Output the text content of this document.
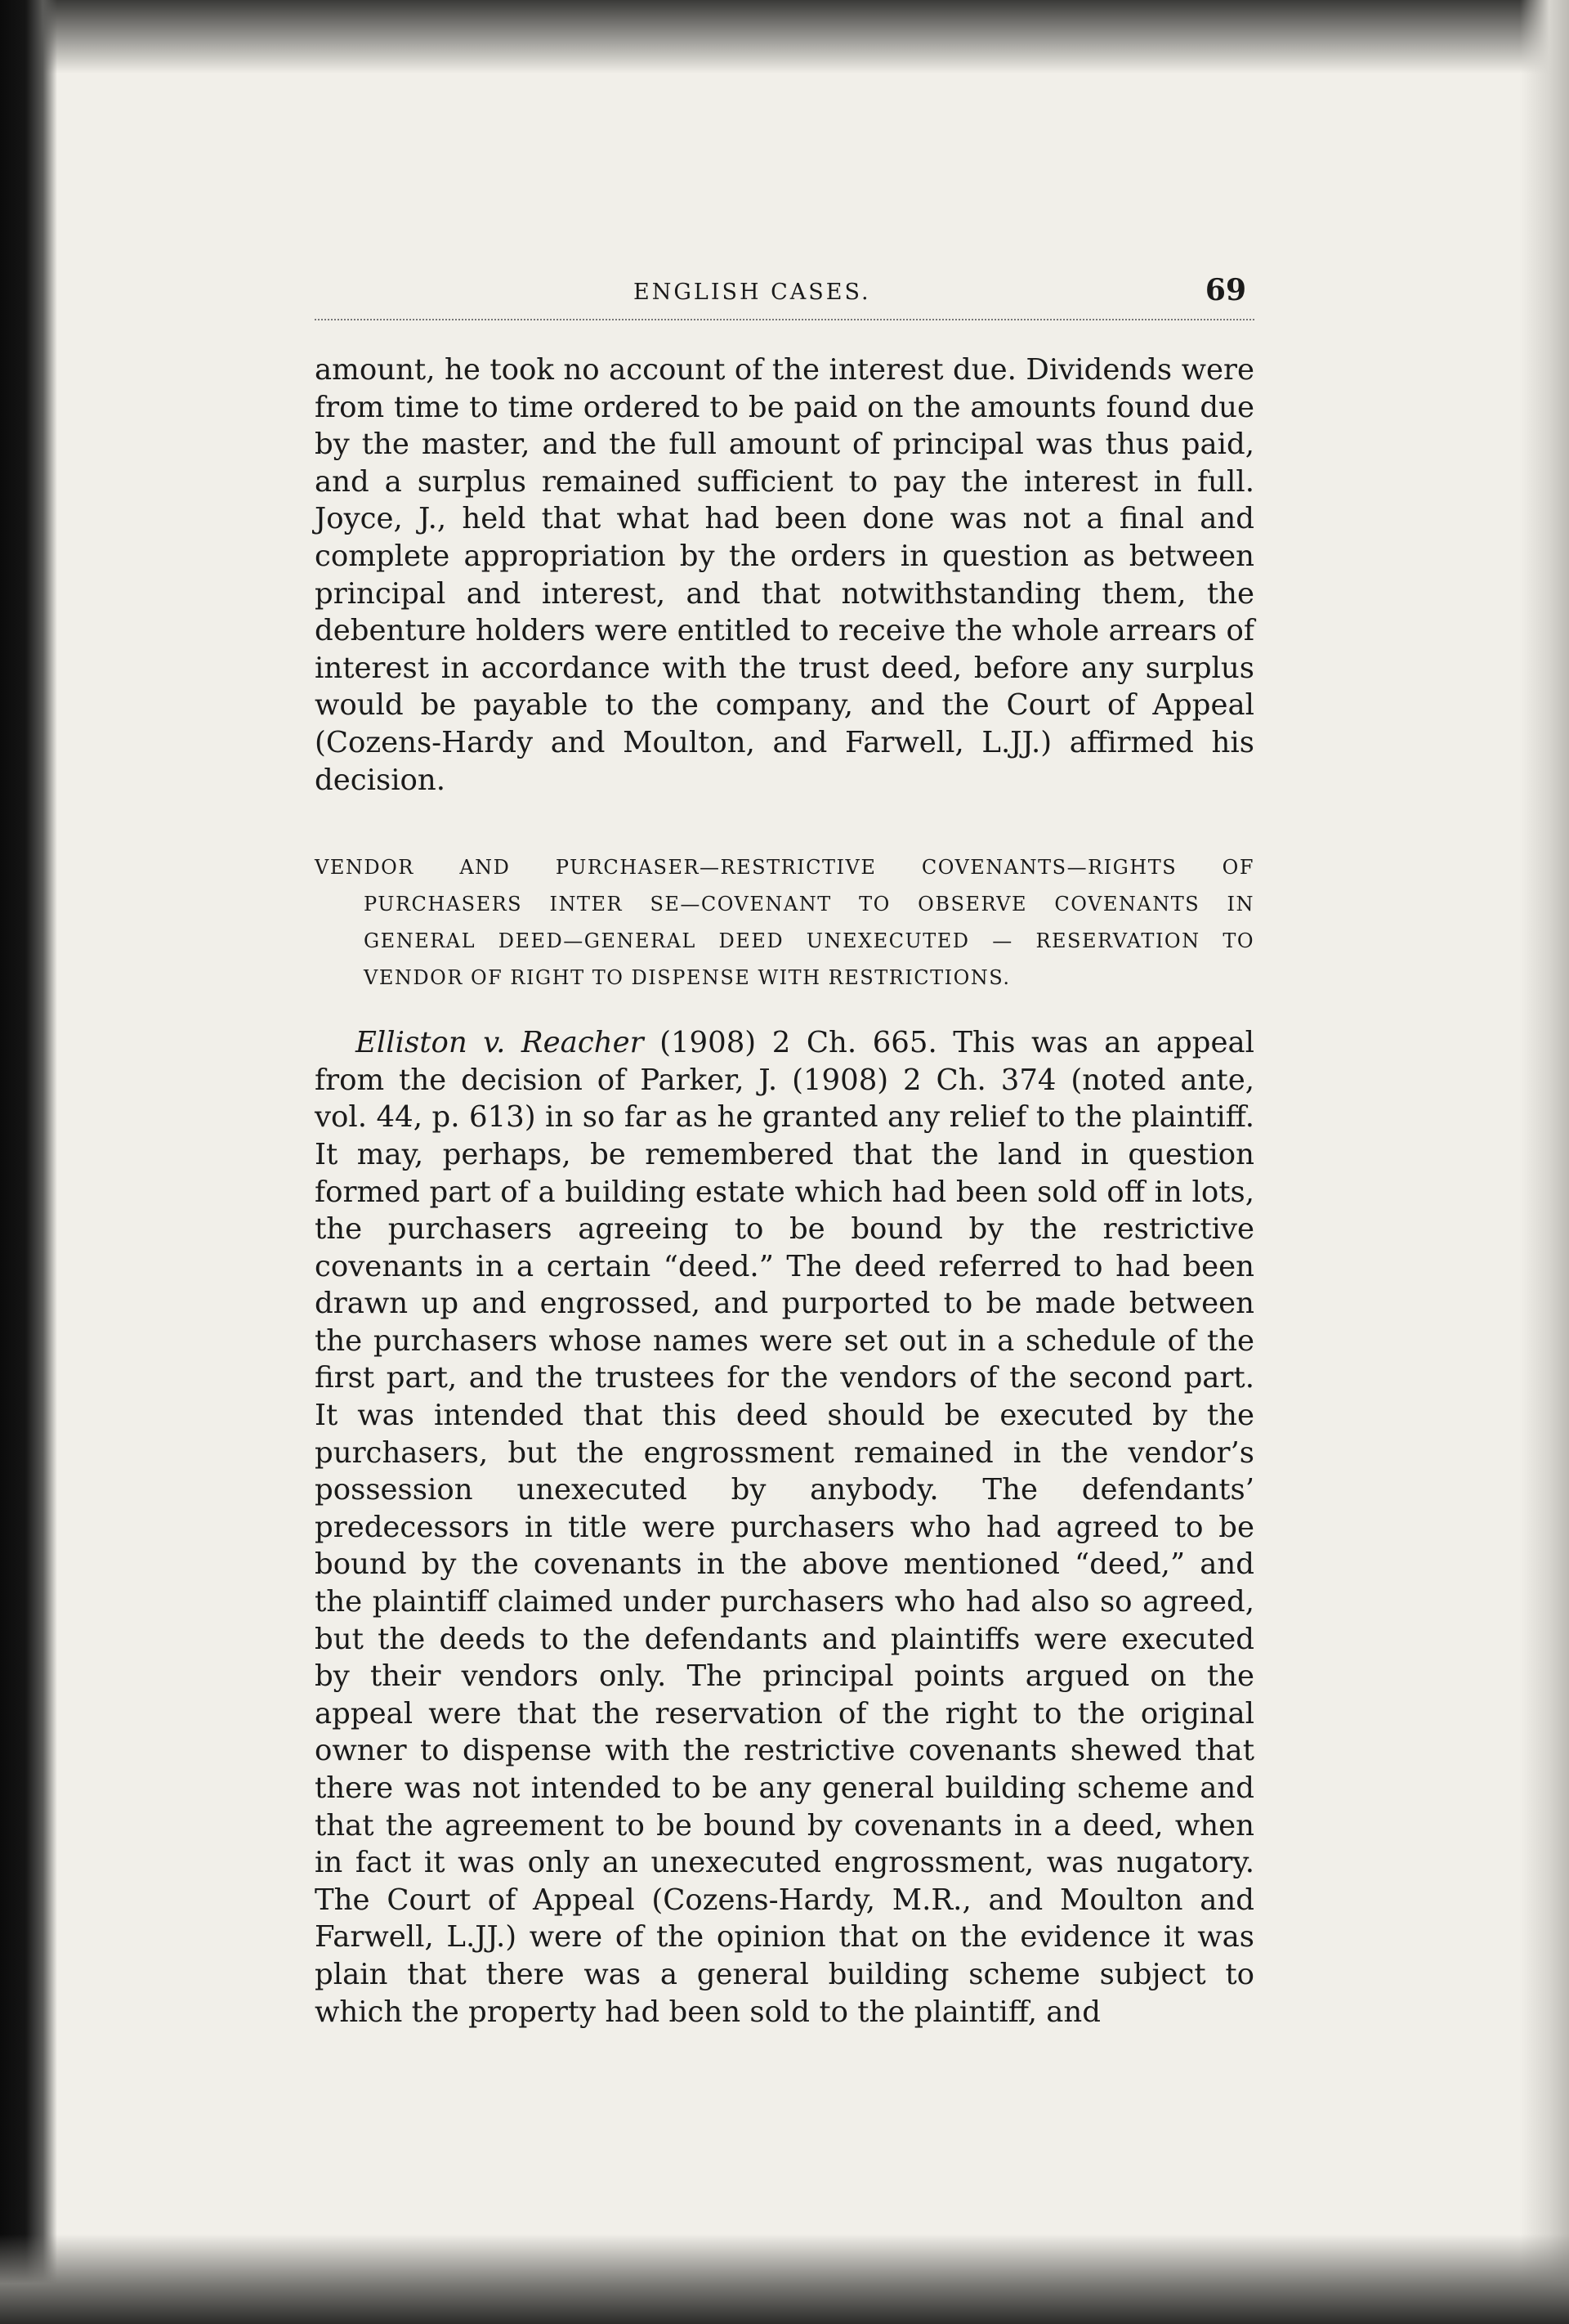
ENGLISH CASES.	69

amount, he took no account of the interest due. Dividends were from time to time ordered to be paid on the amounts found due by the master, and the full amount of principal was thus paid, and a surplus remained sufficient to pay the interest in full. Joyce, J., held that what had been done was not a final and complete appropriation by the orders in question as between principal and interest, and that notwithstanding them, the debenture holders were entitled to receive the whole arrears of interest in accordance with the trust deed, before any surplus would be payable to the company, and the Court of Appeal (Cozens-Hardy and Moulton, and Farwell, L.JJ.) affirmed his decision.

VENDOR AND PURCHASER—RESTRICTIVE COVENANTS—RIGHTS OF PURCHASERS INTER SE—COVENANT TO OBSERVE COVENANTS IN GENERAL DEED—GENERAL DEED UNEXECUTED — RESERVATION TO VENDOR OF RIGHT TO DISPENSE WITH RESTRICTIONS.

Elliston v. Reacher (1908) 2 Ch. 665. This was an appeal from the decision of Parker, J. (1908) 2 Ch. 374 (noted ante, vol. 44, p. 613) in so far as he granted any relief to the plaintiff. It may, perhaps, be remembered that the land in question formed part of a building estate which had been sold off in lots, the purchasers agreeing to be bound by the restrictive covenants in a certain “deed.” The deed referred to had been drawn up and engrossed, and purported to be made between the purchasers whose names were set out in a schedule of the first part, and the trustees for the vendors of the second part. It was intended that this deed should be executed by the purchasers, but the engrossment remained in the vendor’s possession unexecuted by anybody. The defendants’ predecessors in title were purchasers who had agreed to be bound by the covenants in the above mentioned “deed,” and the plaintiff claimed under purchasers who had also so agreed, but the deeds to the defendants and plaintiffs were executed by their vendors only. The principal points argued on the appeal were that the reservation of the right to the original owner to dispense with the restrictive covenants shewed that there was not intended to be any general building scheme and that the agreement to be bound by covenants in a deed, when in fact it was only an unexecuted engrossment, was nugatory. The Court of Appeal (Cozens-Hardy, M.R., and Moulton and Farwell, L.JJ.) were of the opinion that on the evidence it was plain that there was a general building scheme subject to which the property had been sold to the plaintiff, and
